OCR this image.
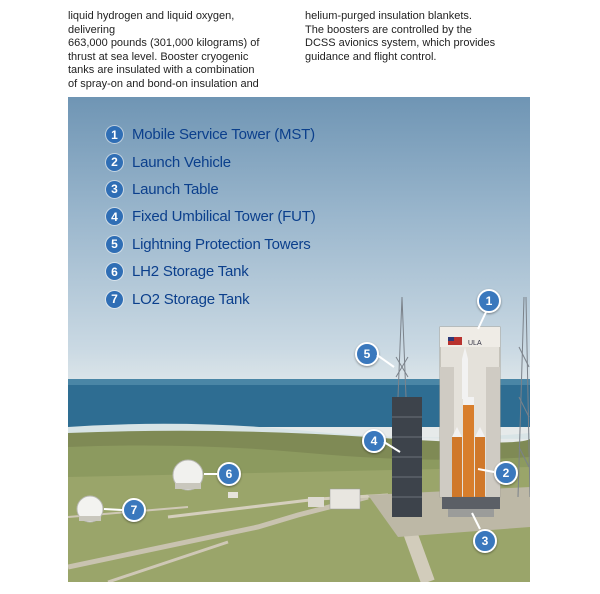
liquid hydrogen and liquid oxygen, delivering
663,000 pounds (301,000 kilograms) of
thrust at sea level. Booster cryogenic
tanks are insulated with a combination
of spray-on and bond-on insulation and
helium-purged insulation blankets.
The boosters are controlled by the
DCSS avionics system, which provides
guidance and flight control.
ULA
1 Mobile Service Tower (MST)
2 Launch Vehicle
3 Launch Table
4 Fixed Umbilical Tower (FUT)
5 Lightning Protection Towers
6 LH2 Storage Tank
7 LO2 Storage Tank	1
2
3
4
5
6
7
